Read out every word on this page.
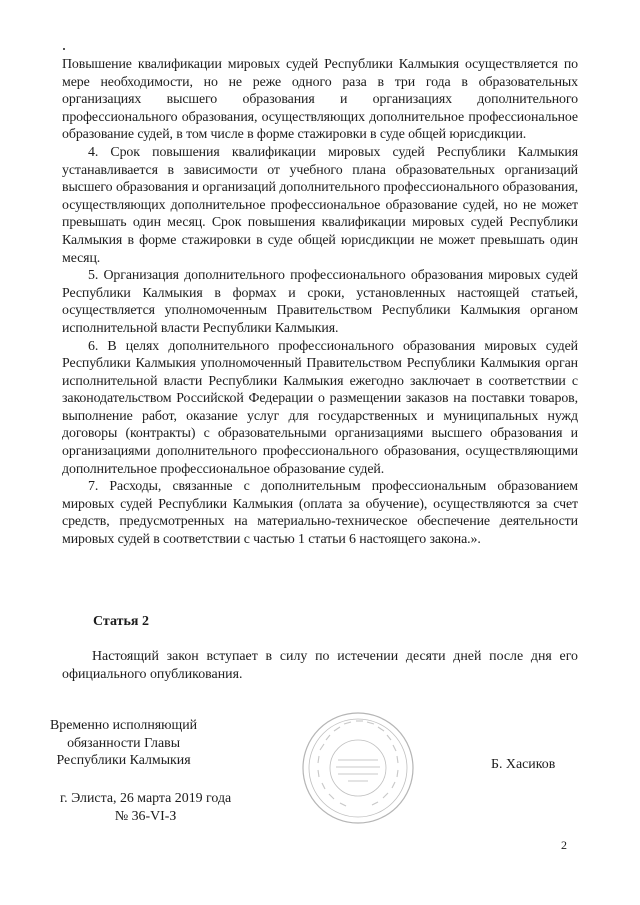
Повышение квалификации мировых судей Республики Калмыкия осуществляется по мере необходимости, но не реже одного раза в три года в образовательных организациях высшего образования и организациях дополнительного профессионального образования, осуществляющих дополнительное профессиональное образование судей, в том числе в форме стажировки в суде общей юрисдикции.

4. Срок повышения квалификации мировых судей Республики Калмыкия устанавливается в зависимости от учебного плана образовательных организаций высшего образования и организаций дополнительного профессионального образования, осуществляющих дополнительное профессиональное образование судей, но не может превышать один месяц. Срок повышения квалификации мировых судей Республики Калмыкия в форме стажировки в суде общей юрисдикции не может превышать один месяц.

5. Организация дополнительного профессионального образования мировых судей Республики Калмыкия в формах и сроки, установленных настоящей статьей, осуществляется уполномоченным Правительством Республики Калмыкия органом исполнительной власти Республики Калмыкия.

6. В целях дополнительного профессионального образования мировых судей Республики Калмыкия уполномоченный Правительством Республики Калмыкия орган исполнительной власти Республики Калмыкия ежегодно заключает в соответствии с законодательством Российской Федерации о размещении заказов на поставки товаров, выполнение работ, оказание услуг для государственных и муниципальных нужд договоры (контракты) с образовательными организациями высшего образования и организациями дополнительного профессионального образования, осуществляющими дополнительное профессиональное образование судей.

7. Расходы, связанные с дополнительным профессиональным образованием мировых судей Республики Калмыкия (оплата за обучение), осуществляются за счет средств, предусмотренных на материально-техническое обеспечение деятельности мировых судей в соответствии с частью 1 статьи 6 настоящего закона.».

Статья 2

Настоящий закон вступает в силу по истечении десяти дней после дня его официального опубликования.

Временно исполняющий
обязанности Главы
Республики Калмыкия	Б. Хасиков
г. Элиста, 26 марта 2019 года
№ 36-VI-З
2
